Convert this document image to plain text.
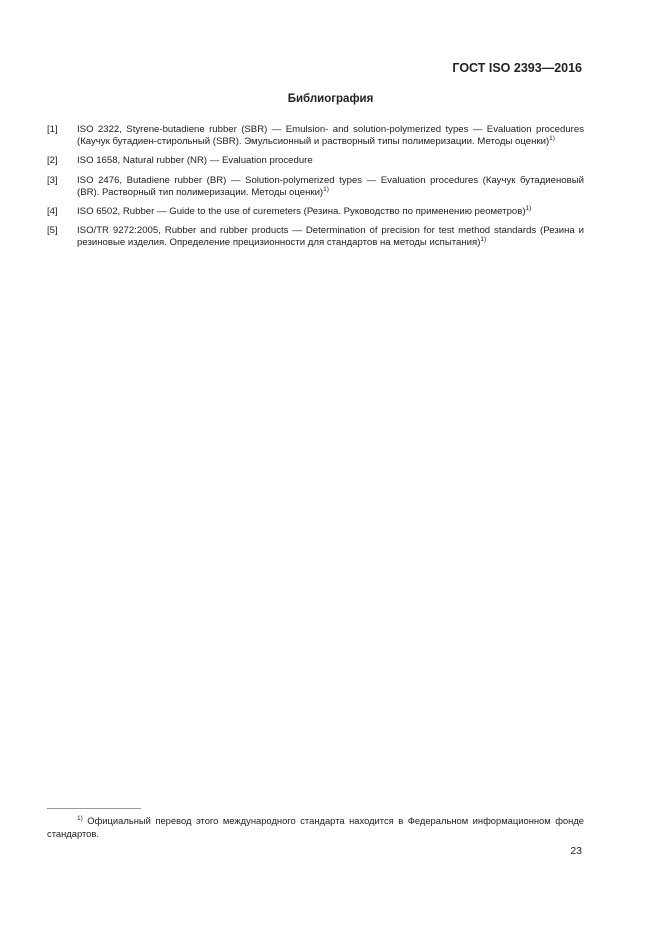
ГОСТ ISO 2393—2016
Библиография
[1]	ISO 2322, Styrene-butadiene rubber (SBR) — Emulsion- and solution-polymerized types — Evaluation procedures (Каучук бутадиен-стирольный (SBR). Эмульсионный и растворный типы полимеризации. Методы оценки)$^{1)}$
[2]	ISO 1658, Natural rubber (NR) — Evaluation procedure
[3]	ISO 2476, Butadiene rubber (BR) — Solution-polymerized types — Evaluation procedures (Каучук бутадиеновый (BR). Растворный тип полимеризации. Методы оценки)$^{1)}$
[4]	ISO 6502, Rubber — Guide to the use of curemeters (Резина. Руководство по применению реометров)$^{1)}$
[5]	ISO/TR 9272:2005, Rubber and rubber products — Determination of precision for test method standards (Резина и резиновые изделия. Определение прецизионности для стандартов на методы испытания)$^{1)}$
$^{1)}$ Официальный перевод этого международного стандарта находится в Федеральном информационном фонде стандартов.
23
